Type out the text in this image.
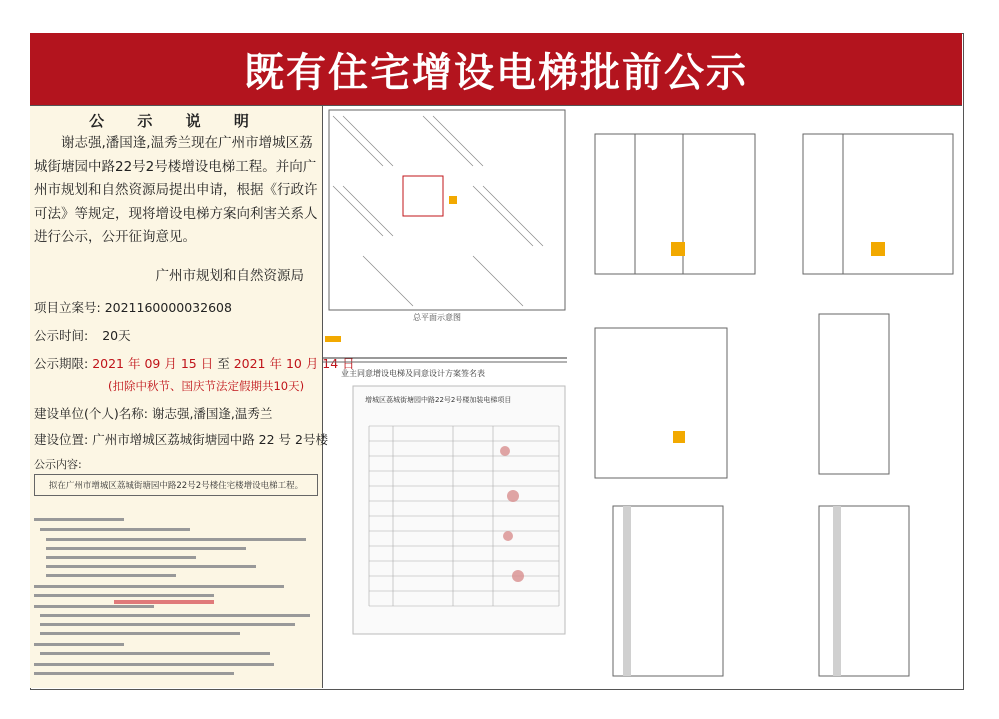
既有住宅增设电梯批前公示
公 示 说 明
谢志强,潘国逢,温秀兰现在广州市增城区荔城街塘园中路22号2号楼增设电梯工程。并向广州市规划和自然资源局提出申请，根据《行政许可法》等规定，现将增设电梯方案向利害关系人进行公示，公开征询意见。
广州市规划和自然资源局
项目立案号: 2021160000032608
公示时间: 20天
公示期限: 2021 年 09 月 15 日 至 2021 年 10 月 14 日
(扣除中秋节、国庆节法定假期共10天)
建设单位(个人)名称: 谢志强,潘国逢,温秀兰
建设位置: 广州市增城区荔城街塘园中路 22 号 2号楼
公示内容:
拟在广州市增城区荔城街塘园中路22号2号楼住宅楼增设电梯工程。
总平面示意图
业主同意增设电梯及同意设计方案签名表
增城区荔城街塘园中路22号2号楼加装电梯项目
